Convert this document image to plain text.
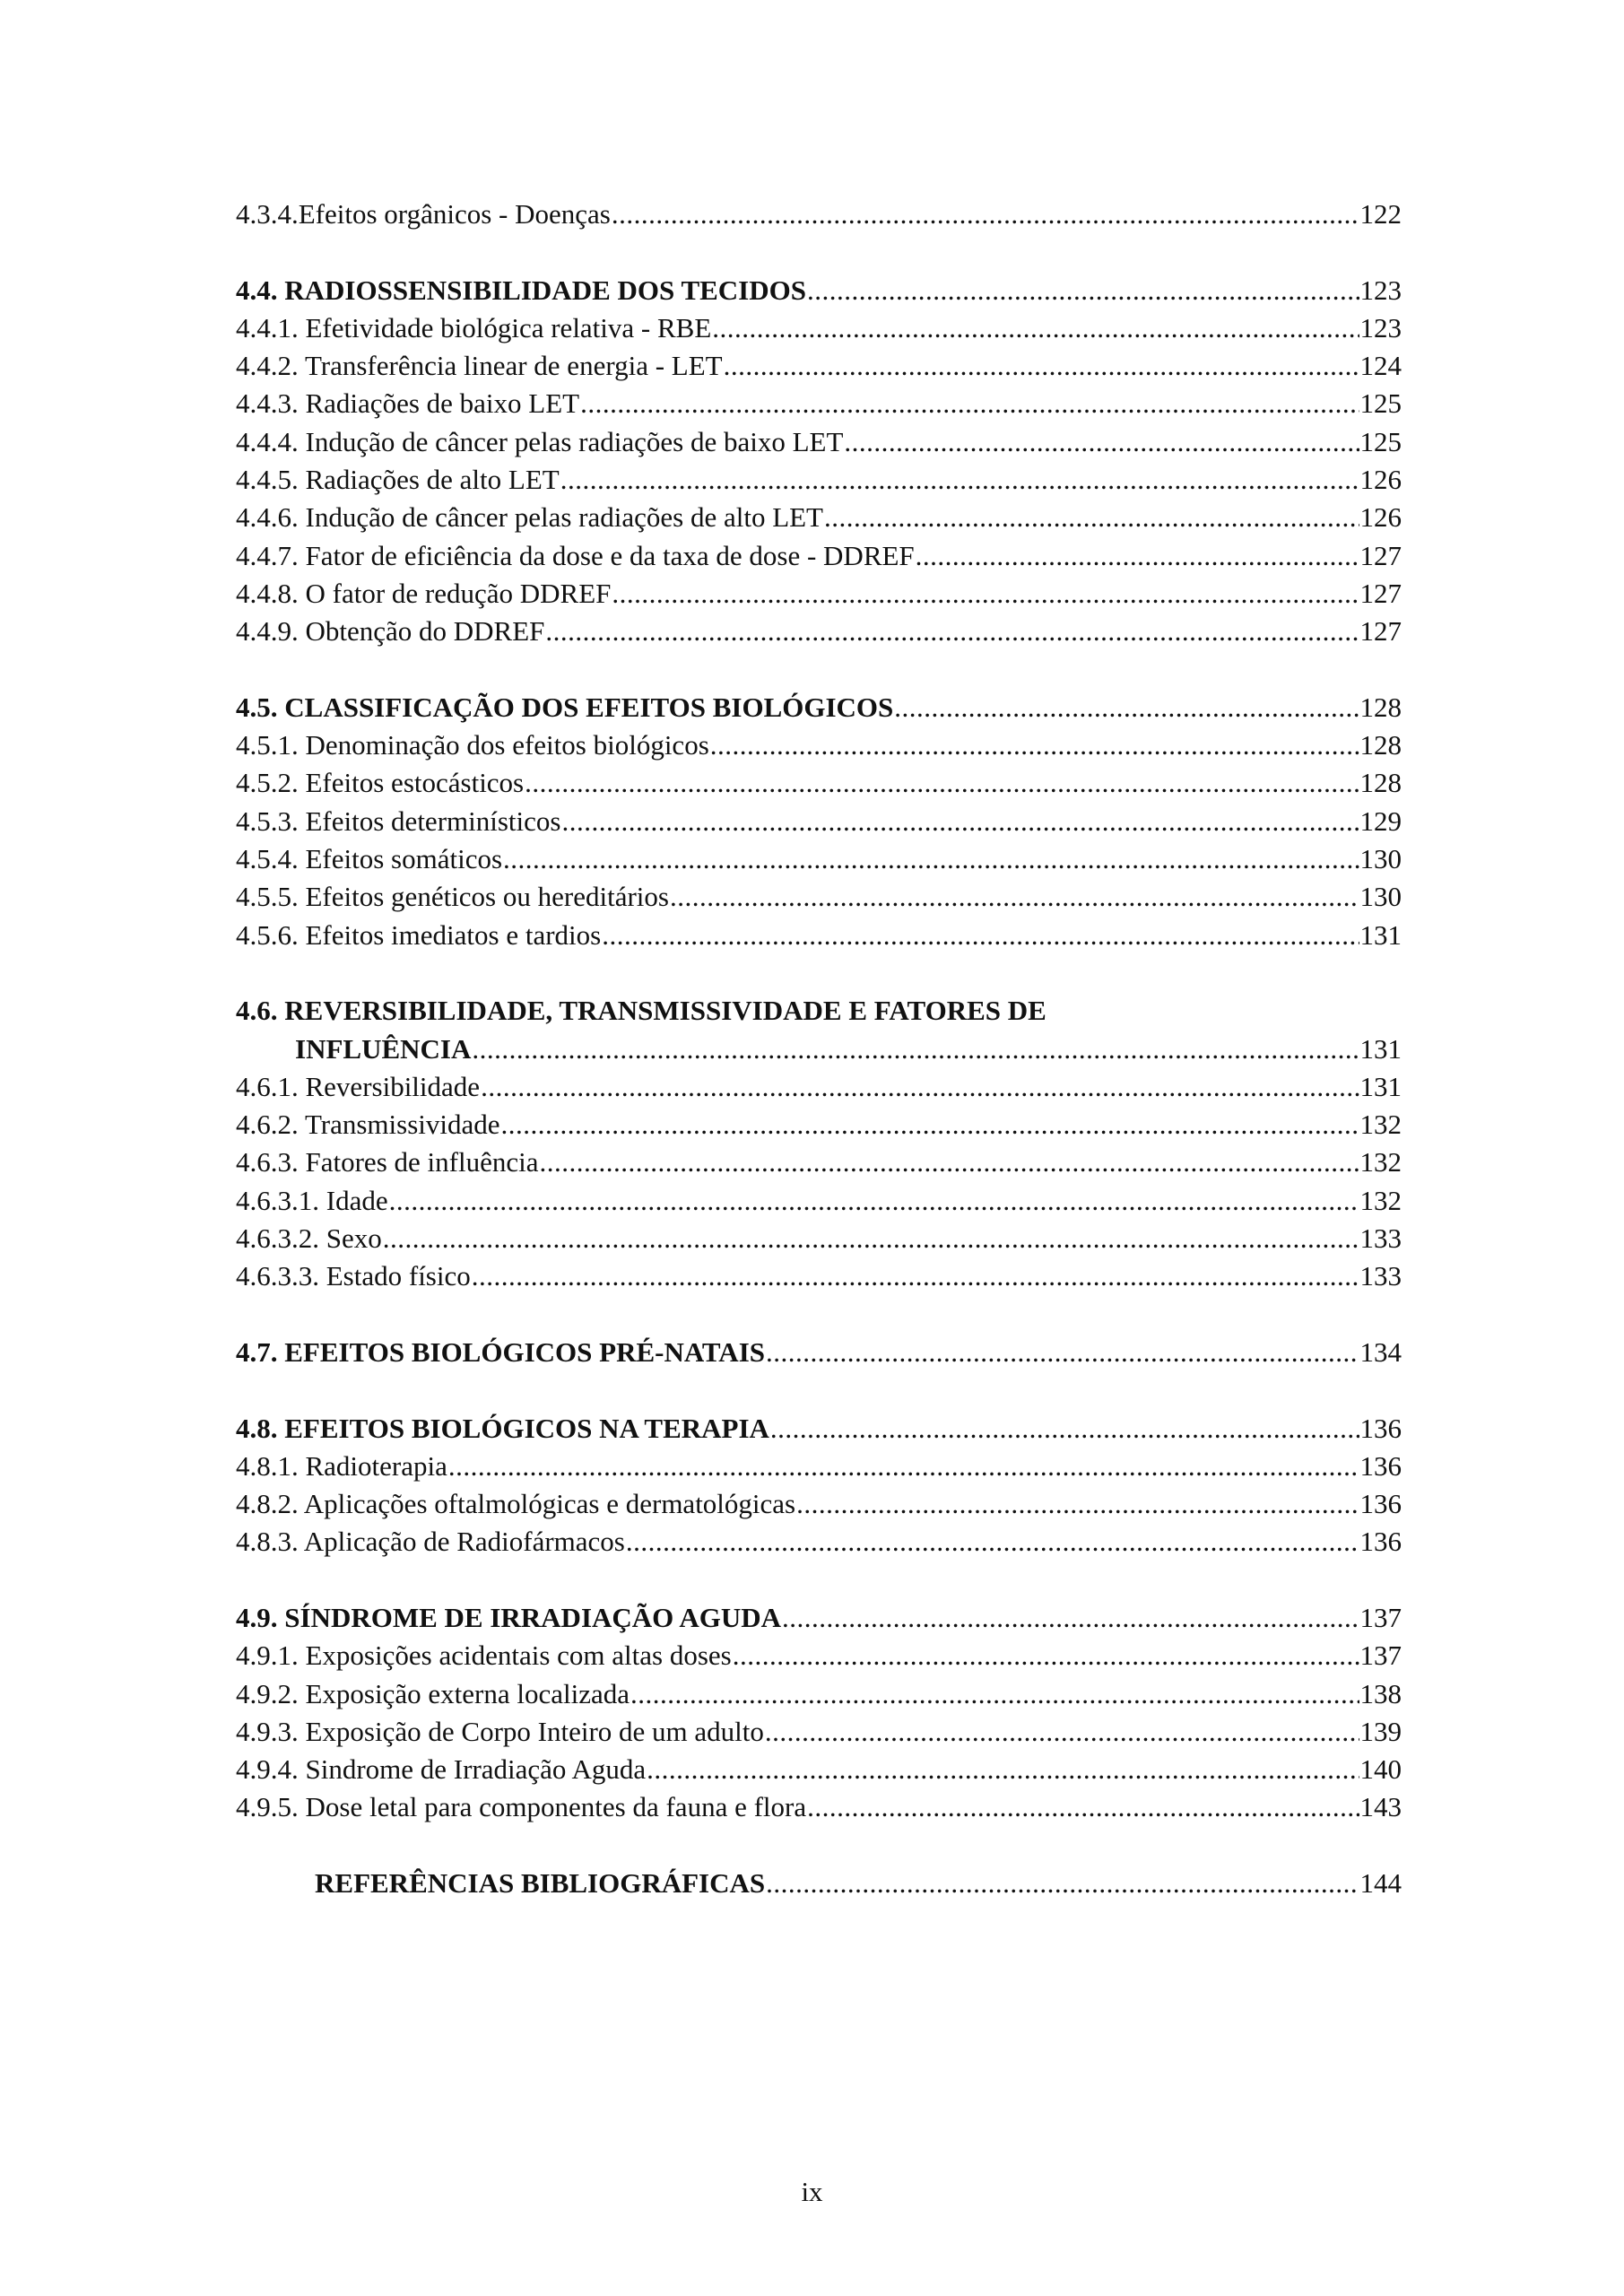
4.3.4.Efeitos orgânicos - Doenças .....	122
4.4. RADIOSSENSIBILIDADE DOS TECIDOS .....	123
4.4.1. Efetividade biológica relativa - RBE .....	123
4.4.2. Transferência linear de energia - LET .....	124
4.4.3. Radiações de baixo LET .....	125
4.4.4. Indução de câncer pelas radiações de baixo LET .....	125
4.4.5. Radiações de alto LET .....	126
4.4.6. Indução de câncer pelas radiações de alto LET .....	126
4.4.7. Fator de eficiência da dose e da taxa de dose - DDREF .....	127
4.4.8. O fator de redução DDREF .....	127
4.4.9. Obtenção do DDREF .....	127
4.5. CLASSIFICAÇÃO DOS EFEITOS BIOLÓGICOS .....	128
4.5.1. Denominação dos efeitos biológicos .....	128
4.5.2. Efeitos estocásticos .....	128
4.5.3. Efeitos determinísticos .....	129
4.5.4. Efeitos somáticos .....	130
4.5.5. Efeitos genéticos ou hereditários .....	130
4.5.6. Efeitos imediatos e tardios .....	131
4.6. REVERSIBILIDADE, TRANSMISSIVIDADE E FATORES DE
INFLUÊNCIA .....	131
4.6.1. Reversibilidade .....	131
4.6.2. Transmissividade .....	132
4.6.3. Fatores de influência .....	132
4.6.3.1. Idade .....	132
4.6.3.2. Sexo .....	133
4.6.3.3. Estado físico .....	133
4.7. EFEITOS BIOLÓGICOS PRÉ-NATAIS .....	134
4.8. EFEITOS BIOLÓGICOS NA TERAPIA .....	136
4.8.1. Radioterapia .....	136
4.8.2. Aplicações oftalmológicas e dermatológicas .....	136
4.8.3. Aplicação de Radiofármacos .....	136
4.9. SÍNDROME DE IRRADIAÇÃO AGUDA .....	137
4.9.1. Exposições acidentais com altas doses .....	137
4.9.2. Exposição externa localizada .....	138
4.9.3. Exposição de Corpo Inteiro de um adulto .....	139
4.9.4. Sindrome de Irradiação Aguda .....	140
4.9.5. Dose letal para componentes da fauna e flora .....	143
REFERÊNCIAS BIBLIOGRÁFICAS .....	144
ix
